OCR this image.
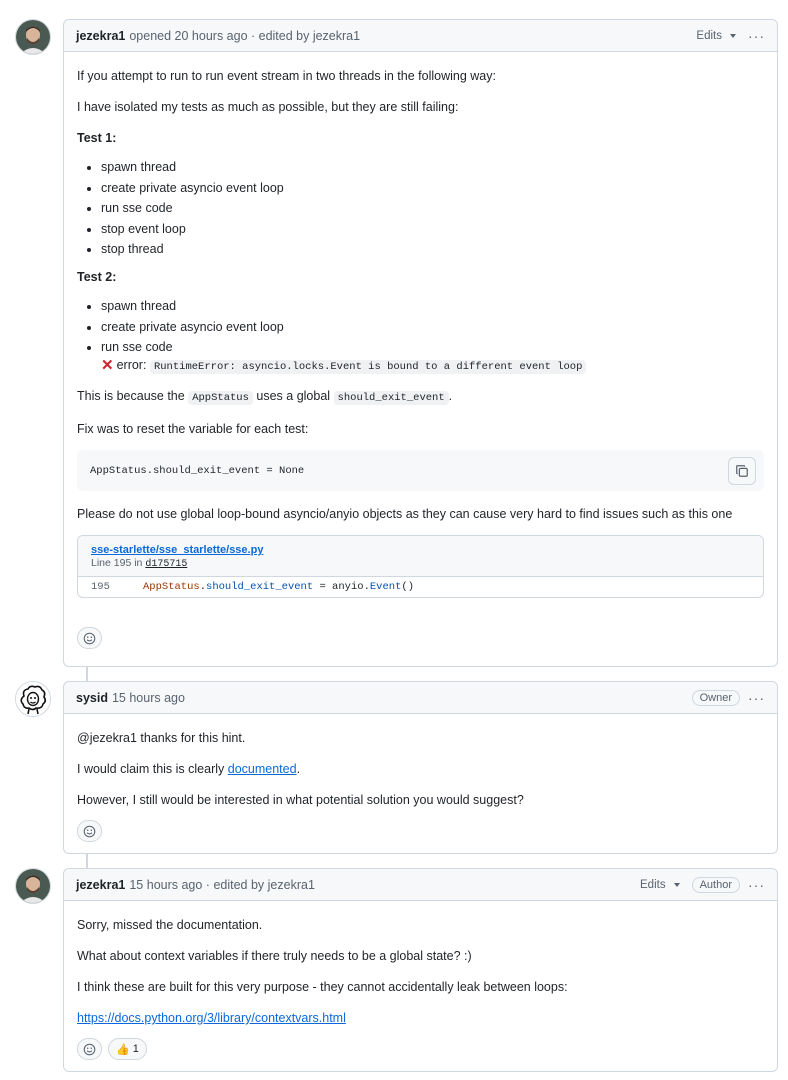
jezekra1 opened 20 hours ago · edited by jezekra1	Edits ···

If you attempt to run to run event stream in two threads in the following way:

I have isolated my tests as much as possible, but they are still failing:

Test 1:

• spawn thread
• create private asyncio event loop
• run sse code
• stop event loop
• stop thread

Test 2:

• spawn thread
• create private asyncio event loop
• run sse code
✕ error: RuntimeError: asyncio.locks.Event is bound to a different event loop

This is because the AppStatus uses a global should_exit_event .

Fix was to reset the variable for each test:

AppStatus.should_exit_event = None

Please do not use global loop-bound asyncio/anyio objects as they can cause very hard to find issues such as this one

sse-starlette/sse_starlette/sse.py
Line 195 in d175715
195	AppStatus.should_exit_event = anyio.Event()
sysid 15 hours ago	Owner	···

@jezekra1 thanks for this hint.

I would claim this is clearly documented.

However, I still would be interested in what potential solution you would suggest?

jezekra1 15 hours ago · edited by jezekra1	Edits	Author	···

Sorry, missed the documentation.

What about context variables if there truly needs to be a global state? :)

I think these are built for this very purpose - they cannot accidentally leak between loops:

https://docs.python.org/3/library/contextvars.html

👍 1
